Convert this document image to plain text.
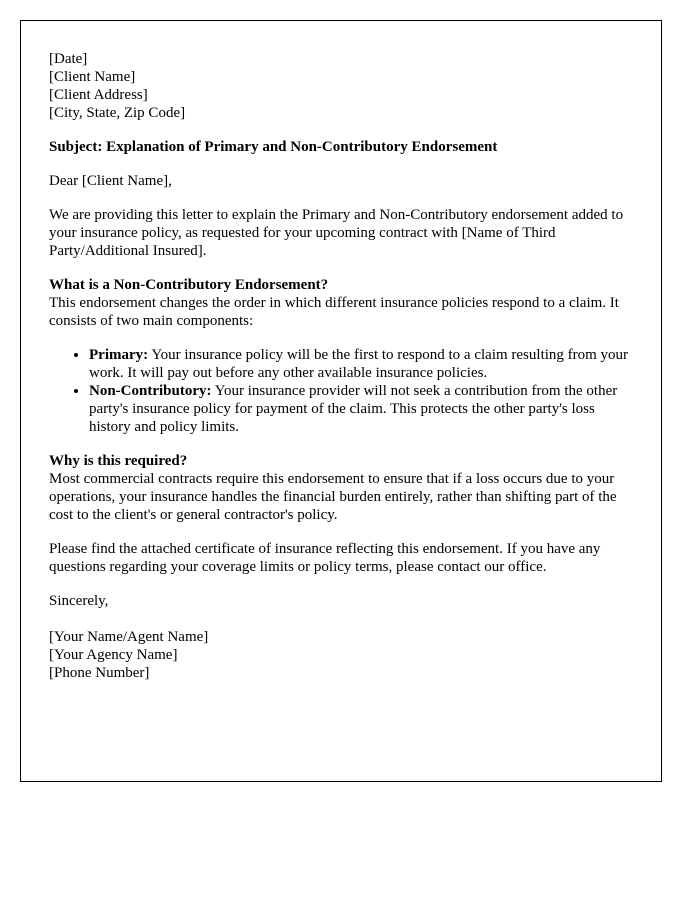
[Date]
[Client Name]
[Client Address]
[City, State, Zip Code]

Subject: Explanation of Primary and Non-Contributory Endorsement

Dear [Client Name],

We are providing this letter to explain the Primary and Non-Contributory endorsement added to your insurance policy, as requested for your upcoming contract with [Name of Third Party/Additional Insured].

What is a Non-Contributory Endorsement?
This endorsement changes the order in which different insurance policies respond to a claim. It consists of two main components:
• Primary: Your insurance policy will be the first to respond to a claim resulting from your work. It will pay out before any other available insurance policies.
• Non-Contributory: Your insurance provider will not seek a contribution from the other party's insurance policy for payment of the claim. This protects the other party's loss history and policy limits.
Why is this required?
Most commercial contracts require this endorsement to ensure that if a loss occurs due to your operations, your insurance handles the financial burden entirely, rather than shifting part of the cost to the client's or general contractor's policy.

Please find the attached certificate of insurance reflecting this endorsement. If you have any questions regarding your coverage limits or policy terms, please contact our office.

Sincerely,

[Your Name/Agent Name]
[Your Agency Name]
[Phone Number]
